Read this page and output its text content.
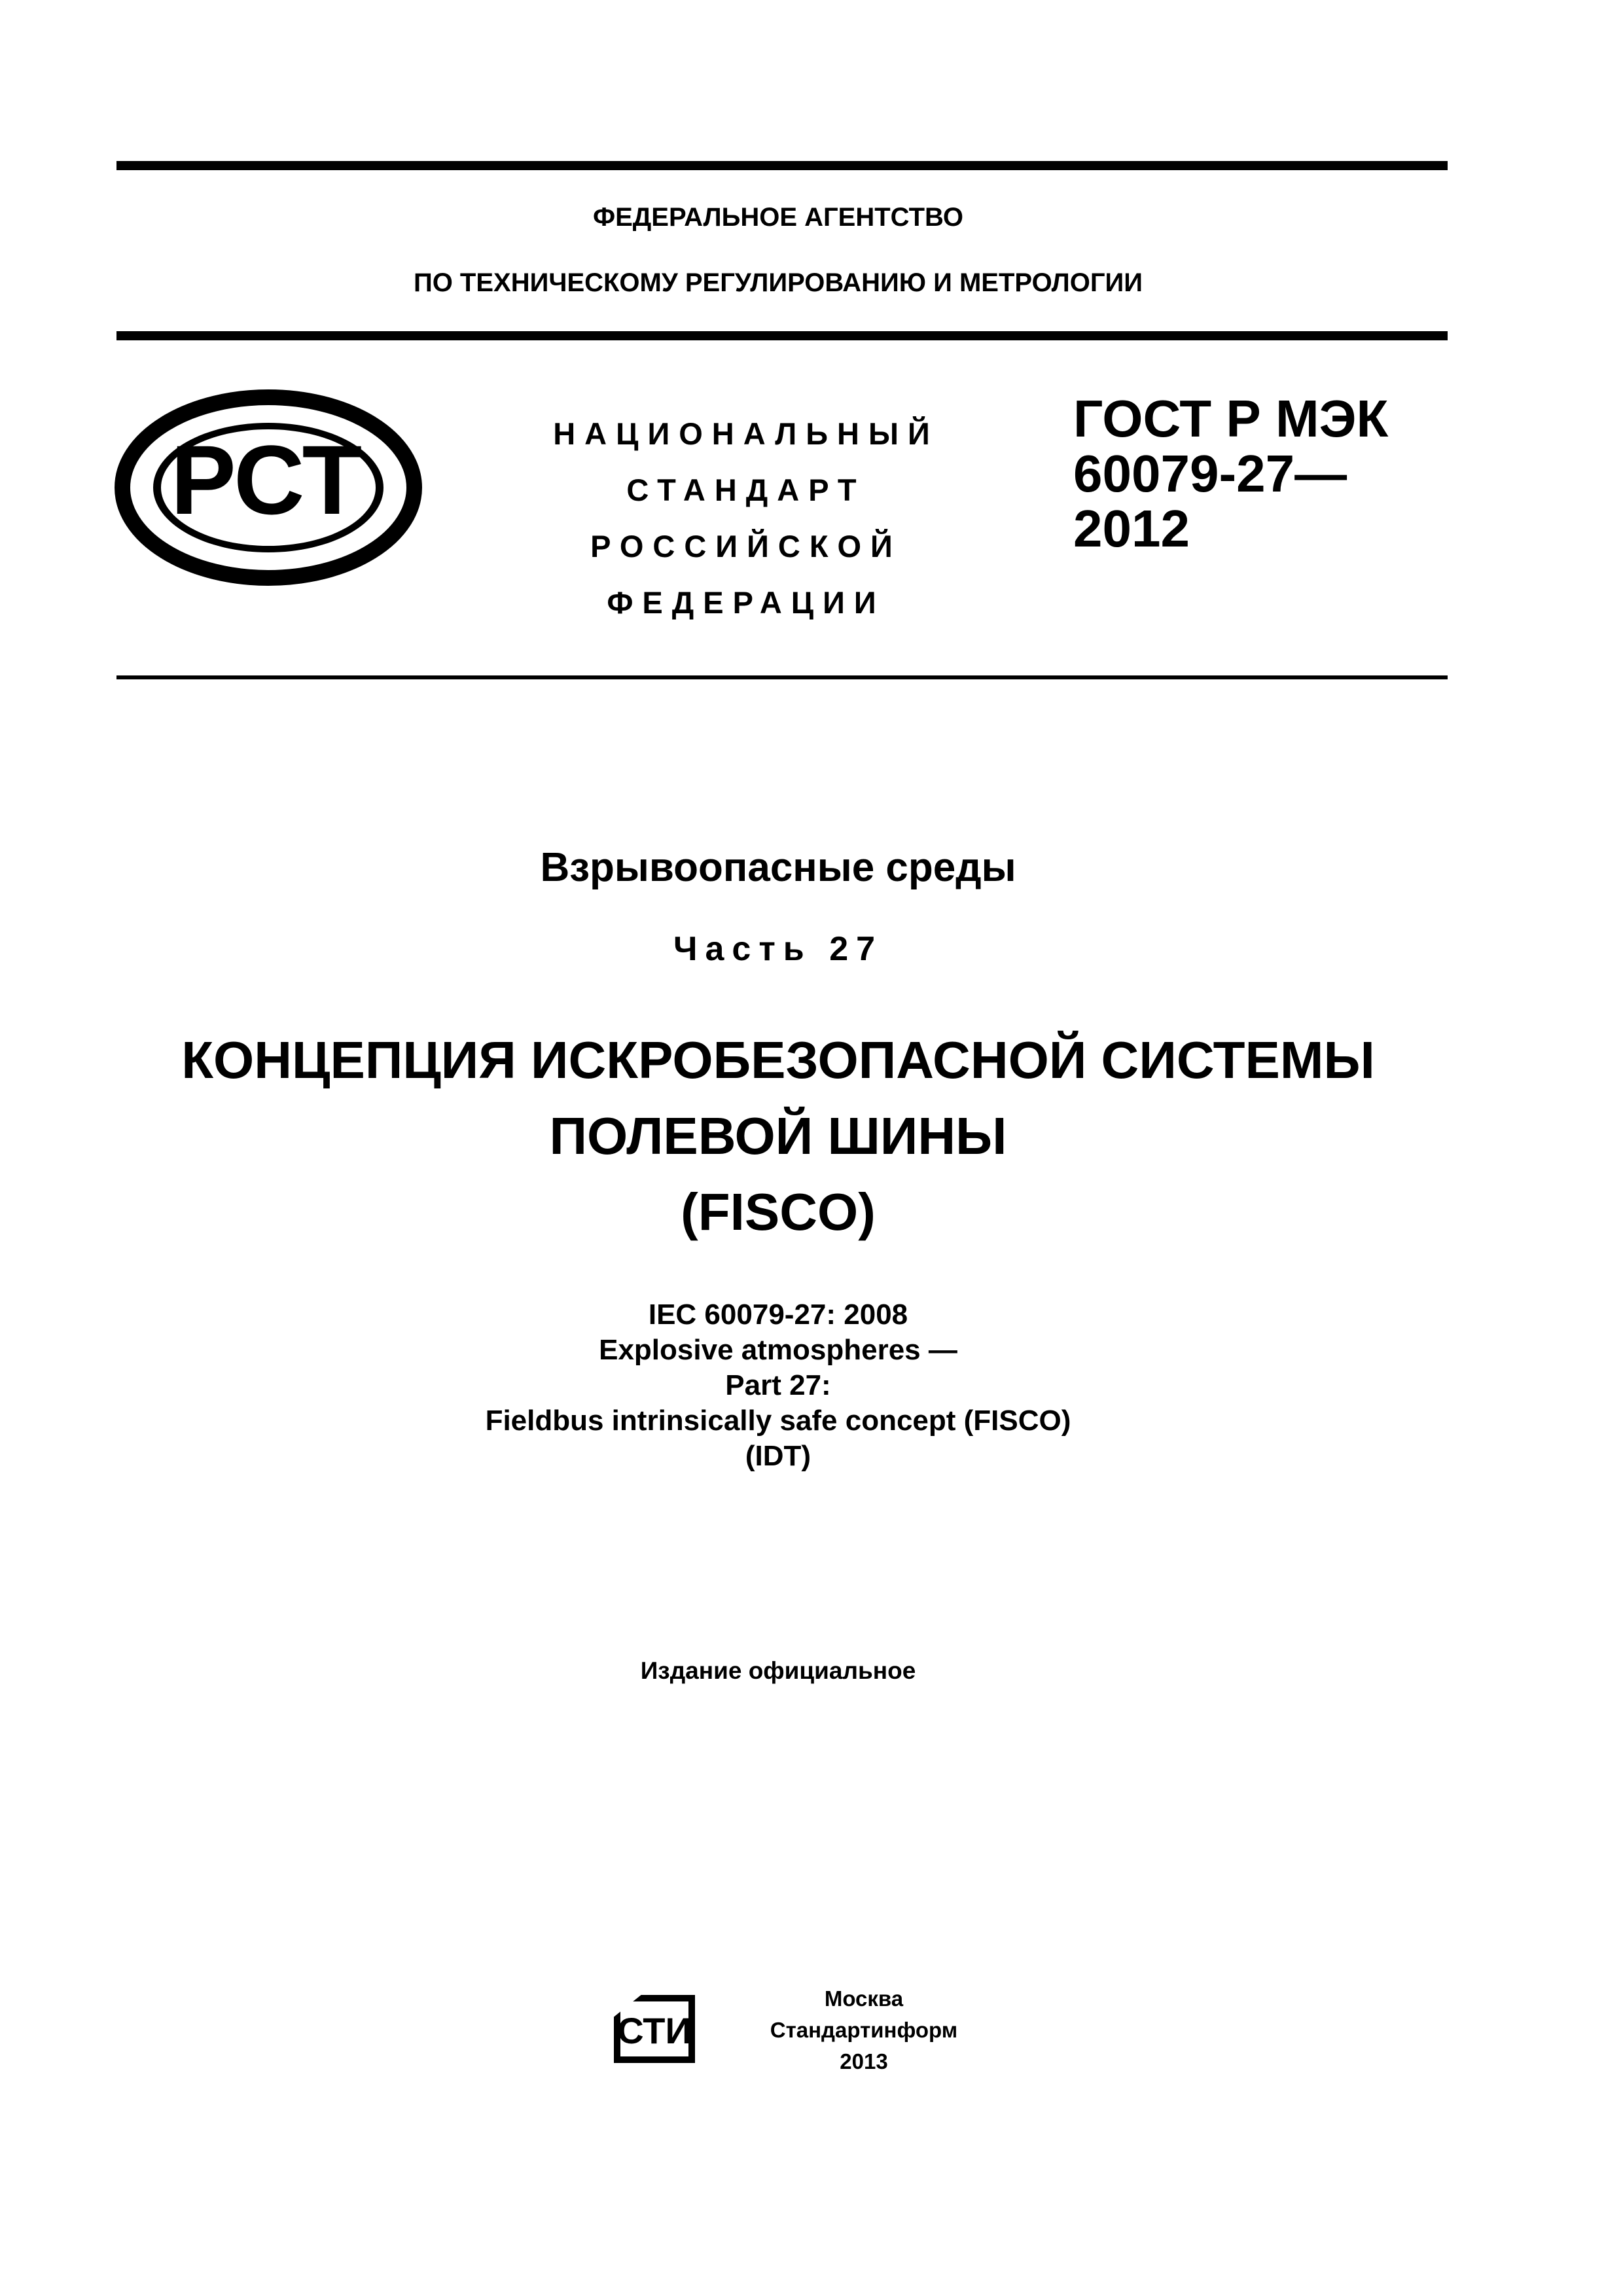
ФЕДЕРАЛЬНОЕ АГЕНТСТВО
ПО ТЕХНИЧЕСКОМУ РЕГУЛИРОВАНИЮ И МЕТРОЛОГИИ
РСТ	НАЦИОНАЛЬНЫЙ
СТАНДАРТ
РОССИЙСКОЙ
ФЕДЕРАЦИИ
ГОСТ Р МЭК
60079-27—
2012
Взрывоопасные среды
Часть 27
КОНЦЕПЦИЯ ИСКРОБЕЗОПАСНОЙ СИСТЕМЫ
ПОЛЕВОЙ ШИНЫ
(FISCO)
IEC 60079-27: 2008
Explosive atmospheres —
Part 27:
Fieldbus intrinsically safe concept (FISCO)
(IDT)
Издание официальное
СТИ
Москва
Стандартинформ
2013
